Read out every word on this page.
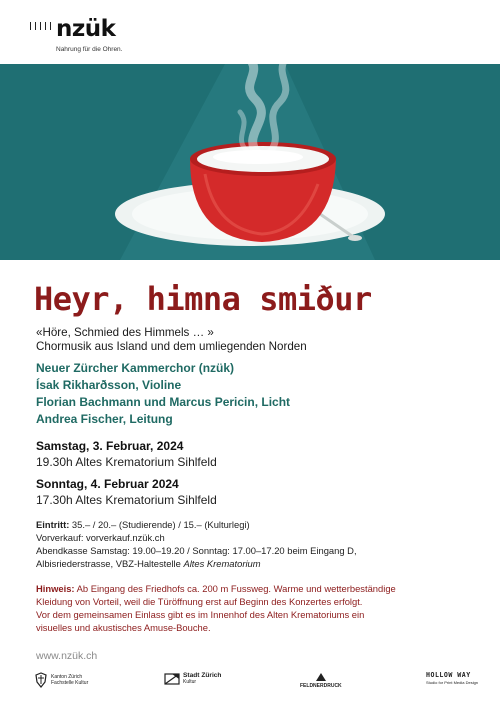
nzük
Nahrung für die Ohren.
Heyr, himna smiður
«Höre, Schmied des Himmels … »
Chormusik aus Island und dem umliegenden Norden
Neuer Zürcher Kammerchor (nzük)
Ísak Rikharðsson, Violine
Florian Bachmann und Marcus Pericin, Licht
Andrea Fischer, Leitung
Samstag, 3. Februar, 2024
19.30h Altes Krematorium Sihlfeld
Sonntag, 4. Februar 2024
17.30h Altes Krematorium Sihlfeld
Eintritt: 35.– / 20.– (Studierende) / 15.– (Kulturlegi)
Vorverkauf: vorverkauf.nzük.ch
Abendkasse Samstag: 19.00–19.20 / Sonntag: 17.00–17.20 beim Eingang D,
Albisriederstrasse, VBZ-Haltestelle Altes Krematorium
Hinweis: Ab Eingang des Friedhofs ca. 200 m Fussweg. Warme und wetterbeständige
Kleidung von Vorteil, weil die Türöffnung erst auf Beginn des Konzertes erfolgt.
Vor dem gemeinsamen Einlass gibt es im Innenhof des Alten Krematoriums ein
visuelles und akustisches Amuse-Bouche.
www.nzük.ch
Kanton Zürich
Fachstelle Kultur
Stadt Zürich
Kultur
FELDNERDRUCK
HOLLOW WAY
Studio for Print Media Design
